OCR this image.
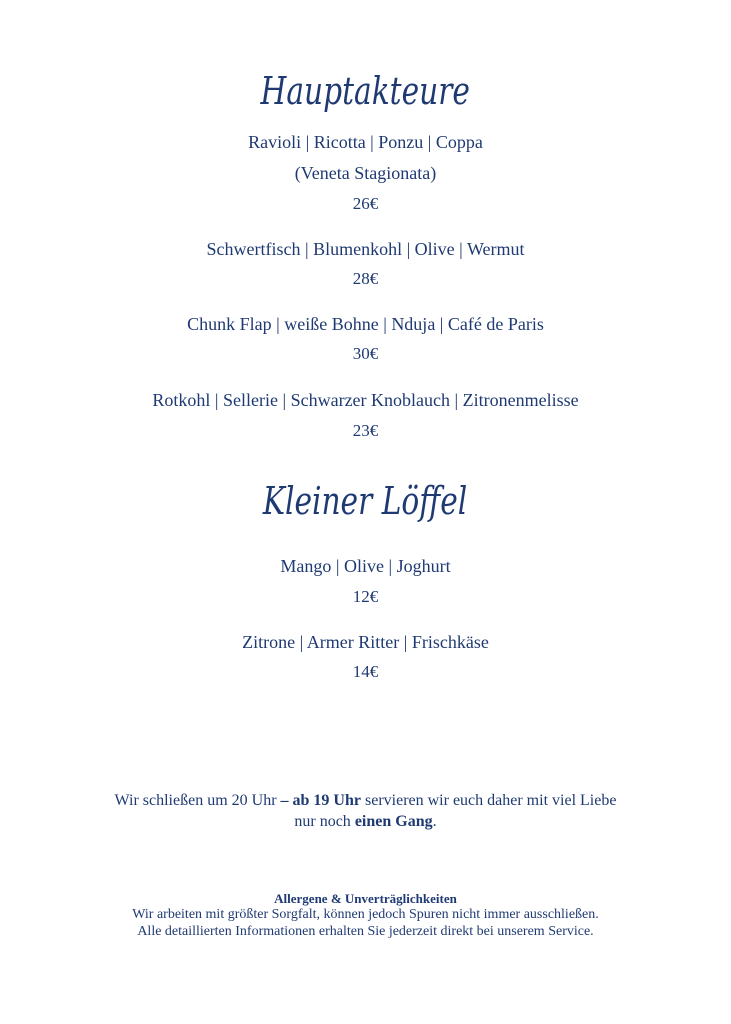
Hauptakteure
Ravioli | Ricotta | Ponzu | Coppa
(Veneta Stagionata)
26€
Schwertfisch | Blumenkohl | Olive | Wermut
28€
Chunk Flap | weiße Bohne | Nduja | Café de Paris
30€
Rotkohl | Sellerie | Schwarzer Knoblauch | Zitronenmelisse
23€
Kleiner Löffel
Mango | Olive | Joghurt
12€
Zitrone | Armer Ritter | Frischkäse
14€
Wir schließen um 20 Uhr – ab 19 Uhr servieren wir euch daher mit viel Liebe
nur noch einen Gang.
Allergene & Unverträglichkeiten
Wir arbeiten mit größter Sorgfalt, können jedoch Spuren nicht immer ausschließen.
Alle detaillierten Informationen erhalten Sie jederzeit direkt bei unserem Service.
